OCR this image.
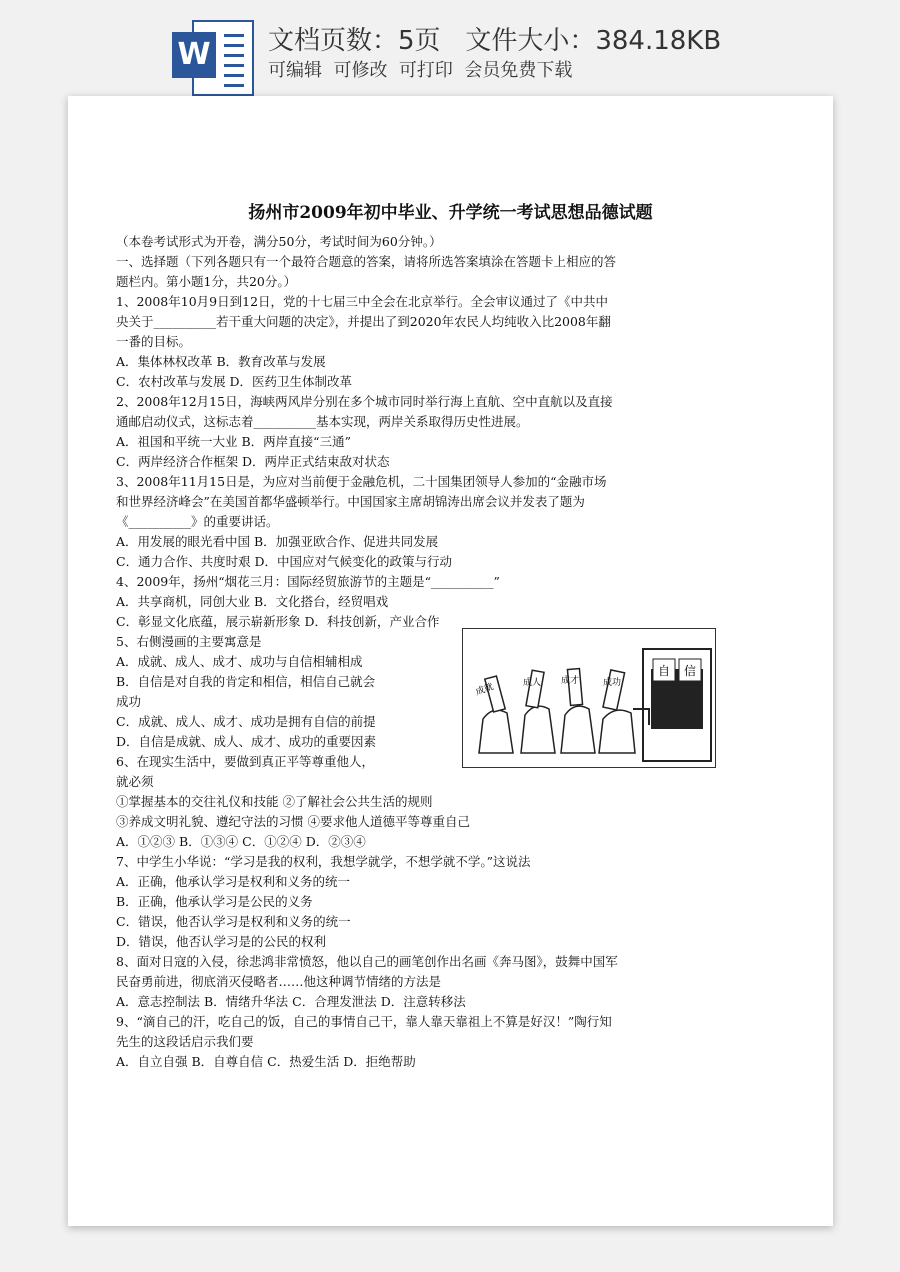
W 文档页数：5页   文件大小：384.18KB
可编辑  可修改  可打印  会员免费下载
扬州市2009年初中毕业、升学统一考试思想品德试题

（本卷考试形式为开卷，满分50分，考试时间为60分钟。）

一、选择题（下列各题只有一个最符合题意的答案，请将所选答案填涂在答题卡上相应的答

题栏内。第小题1分，共20分。）

1、2008年10月9日到12日，党的十七届三中全会在北京举行。全会审议通过了《中共中

央关于__________若干重大问题的决定》，并提出了到2020年农民人均纯收入比2008年翻

一番的目标。

A．集体林权改革 B．教育改革与发展

C．农村改革与发展 D．医药卫生体制改革

2、2008年12月15日，海峡两风岸分别在多个城市同时举行海上直航、空中直航以及直接

通邮启动仪式，这标志着__________基本实现，两岸关系取得历史性进展。

A．祖国和平统一大业 B．两岸直接“三通”

C．两岸经济合作框架 D．两岸正式结束敌对状态

3、2008年11月15日是，为应对当前便于金融危机，二十国集团领导人参加的“金融市场

和世界经济峰会”在美国首都华盛顿举行。中国国家主席胡锦涛出席会议并发表了题为

《__________》的重要讲话。

A．用发展的眼光看中国 B．加强亚欧合作、促进共同发展

C．通力合作、共度时艰 D．中国应对气候变化的政策与行动

4、2009年，扬州“烟花三月：国际经贸旅游节的主题是“__________”

A．共享商机，同创大业 B．文化搭台，经贸唱戏

C．彰显文化底蕴，展示崭新形象 D．科技创新，产业合作

5、右侧漫画的主要寓意是

A．成就、成人、成才、成功与自信相辅相成

B．自信是对自我的肯定和相信，相信自己就会

成功

C．成就、成人、成才、成功是拥有自信的前提

D．自信是成就、成人、成才、成功的重要因素

6、在现实生活中，要做到真正平等尊重他人，

就必须

①掌握基本的交往礼仪和技能 ②了解社会公共生活的规则

③养成文明礼貌、遵纪守法的习惯 ④要求他人道德平等尊重自己

A．①②③ B．①③④ C．①②④ D．②③④

7、中学生小华说：“学习是我的权利，我想学就学，不想学就不学。”这说法

A．正确，他承认学习是权利和义务的统一

B．正确，他承认学习是公民的义务

C．错误，他否认学习是权利和义务的统一

D．错误，他否认学习是的公民的权利

8、面对日寇的入侵，徐悲鸿非常愤怒，他以自己的画笔创作出名画《奔马图》，鼓舞中国军

民奋勇前进，彻底消灭侵略者……他这种调节情绪的方法是

A．意志控制法 B．情绪升华法 C．合理发泄法 D．注意转移法

9、“滴自己的汗，吃自己的饭，自己的事情自己干，靠人靠天靠祖上不算是好汉！”陶行知

先生的这段话启示我们要

A．自立自强 B．自尊自信 C．热爱生活 D．拒绝帮助

自 信
成就	成人 成才	成功
